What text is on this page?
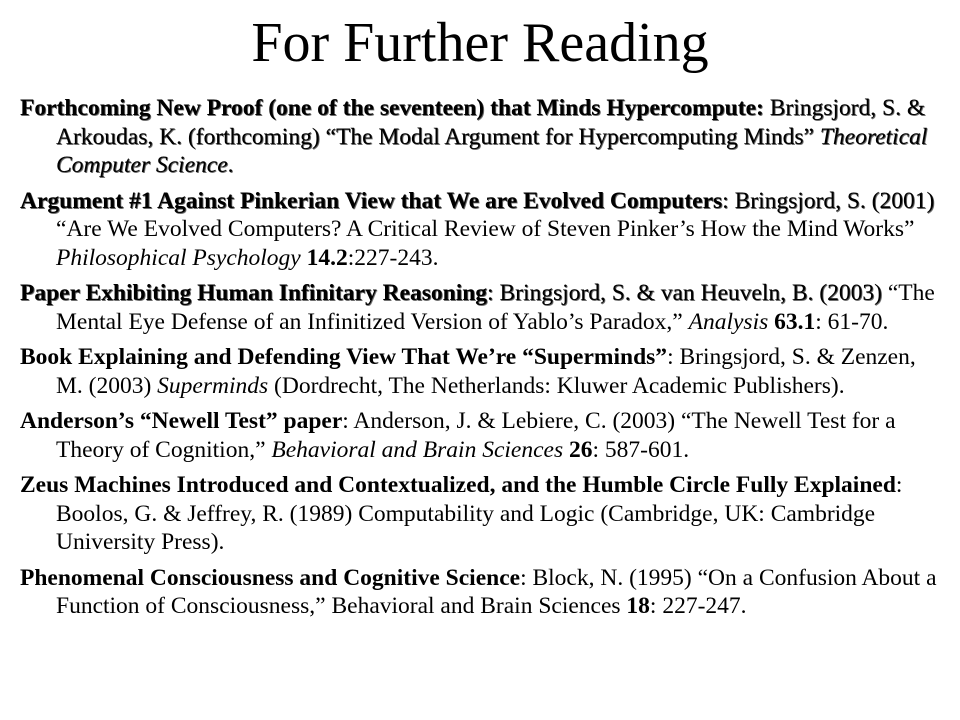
For Further Reading
Forthcoming New Proof (one of the seventeen) that Minds Hypercompute: Bringsjord, S. & Arkoudas, K. (forthcoming) “The Modal Argument for Hypercomputing Minds” Theoretical Computer Science.
Argument #1 Against Pinkerian View that We are Evolved Computers: Bringsjord, S. (2001) “Are We Evolved Computers? A Critical Review of Steven Pinker’s How the Mind Works” Philosophical Psychology 14.2:227-243.
Paper Exhibiting Human Infinitary Reasoning: Bringsjord, S. & van Heuveln, B. (2003) “The Mental Eye Defense of an Infinitized Version of Yablo’s Paradox,” Analysis 63.1: 61-70.
Book Explaining and Defending View That We’re “Superminds”: Bringsjord, S. & Zenzen, M. (2003) Superminds (Dordrecht, The Netherlands: Kluwer Academic Publishers).
Anderson’s “Newell Test” paper: Anderson, J. & Lebiere, C. (2003) “The Newell Test for a Theory of Cognition,” Behavioral and Brain Sciences 26: 587-601.
Zeus Machines Introduced and Contextualized, and the Humble Circle Fully Explained: Boolos, G. & Jeffrey, R. (1989) Computability and Logic (Cambridge, UK: Cambridge University Press).
Phenomenal Consciousness and Cognitive Science: Block, N. (1995) “On a Confusion About a Function of Consciousness,” Behavioral and Brain Sciences 18: 227-247.
